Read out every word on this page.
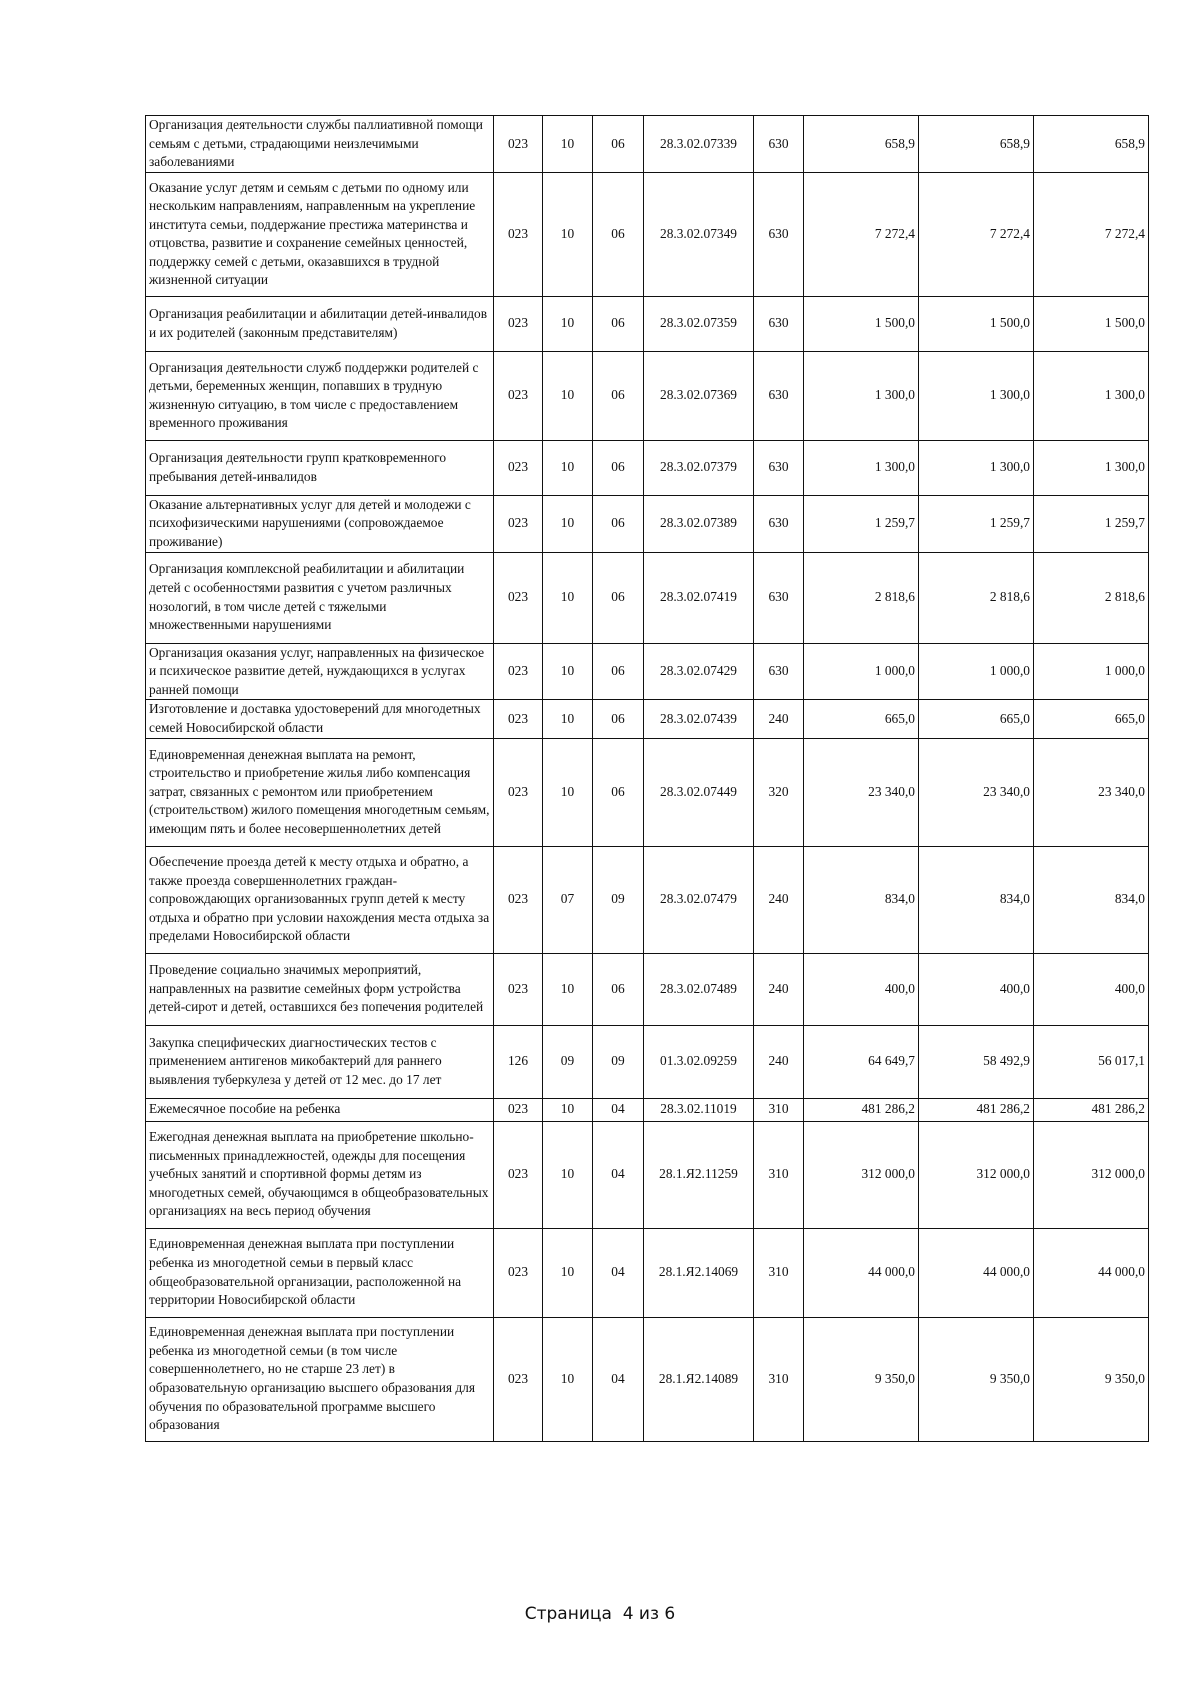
Организация деятельности службы паллиативной помощи семьям с детьми, страдающими неизлечимыми заболеваниями	023	10	06	28.3.02.07339	630	658,9	658,9	658,9
Оказание услуг детям и семьям с детьми по одному или нескольким направлениям, направленным на укрепление института семьи, поддержание престижа материнства и отцовства, развитие и сохранение семейных ценностей, поддержку семей с детьми, оказавшихся в трудной жизненной ситуации	023	10	06	28.3.02.07349	630	7 272,4	7 272,4	7 272,4
Организация реабилитации и абилитации детей-инвалидов и их родителей (законным представителям)	023	10	06	28.3.02.07359	630	1 500,0	1 500,0	1 500,0
Организация деятельности служб поддержки родителей с детьми, беременных женщин, попавших в трудную жизненную ситуацию, в том числе с предоставлением временного проживания	023	10	06	28.3.02.07369	630	1 300,0	1 300,0	1 300,0
Организация деятельности групп кратковременного пребывания детей-инвалидов	023	10	06	28.3.02.07379	630	1 300,0	1 300,0	1 300,0
Оказание альтернативных услуг для детей и молодежи с психофизическими нарушениями (сопровождаемое проживание)	023	10	06	28.3.02.07389	630	1 259,7	1 259,7	1 259,7
Организация комплексной реабилитации и абилитации детей с особенностями развития с учетом различных нозологий, в том числе детей с тяжелыми множественными нарушениями	023	10	06	28.3.02.07419	630	2 818,6	2 818,6	2 818,6
Организация оказания услуг, направленных на физическое и психическое развитие детей, нуждающихся в услугах ранней помощи	023	10	06	28.3.02.07429	630	1 000,0	1 000,0	1 000,0
Изготовление и доставка удостоверений для многодетных семей Новосибирской области	023	10	06	28.3.02.07439	240	665,0	665,0	665,0
Единовременная денежная выплата на ремонт, строительство и приобретение жилья либо компенсация затрат, связанных с ремонтом или приобретением (строительством) жилого помещения многодетным семьям, имеющим пять и более несовершеннолетних детей	023	10	06	28.3.02.07449	320	23 340,0	23 340,0	23 340,0
Обеспечение проезда детей к месту отдыха и обратно, а также проезда совершеннолетних граждан-сопровождающих организованных групп детей к месту отдыха и обратно при условии нахождения места отдыха за пределами Новосибирской области	023	07	09	28.3.02.07479	240	834,0	834,0	834,0
Проведение социально значимых мероприятий, направленных на развитие семейных форм устройства детей-сирот и детей, оставшихся без попечения родителей	023	10	06	28.3.02.07489	240	400,0	400,0	400,0
Закупка специфических диагностических тестов с применением антигенов микобактерий для раннего выявления туберкулеза у детей от 12 мес. до 17 лет	126	09	09	01.3.02.09259	240	64 649,7	58 492,9	56 017,1
Ежемесячное пособие на ребенка	023	10	04	28.3.02.11019	310	481 286,2	481 286,2	481 286,2
Ежегодная денежная выплата на приобретение школьно-письменных принадлежностей, одежды для посещения учебных занятий и спортивной формы детям из многодетных семей, обучающимся в общеобразовательных организациях на весь период обучения	023	10	04	28.1.Я2.11259	310	312 000,0	312 000,0	312 000,0
Единовременная денежная выплата при поступлении ребенка из многодетной семьи в первый класс общеобразовательной организации, расположенной на территории Новосибирской области	023	10	04	28.1.Я2.14069	310	44 000,0	44 000,0	44 000,0
Единовременная денежная выплата при поступлении ребенка из многодетной семьи (в том числе совершеннолетнего, но не старше 23 лет) в образовательную организацию высшего образования для обучения по образовательной программе высшего образования	023	10	04	28.1.Я2.14089	310	9 350,0	9 350,0	9 350,0
Страница 4 из 6
